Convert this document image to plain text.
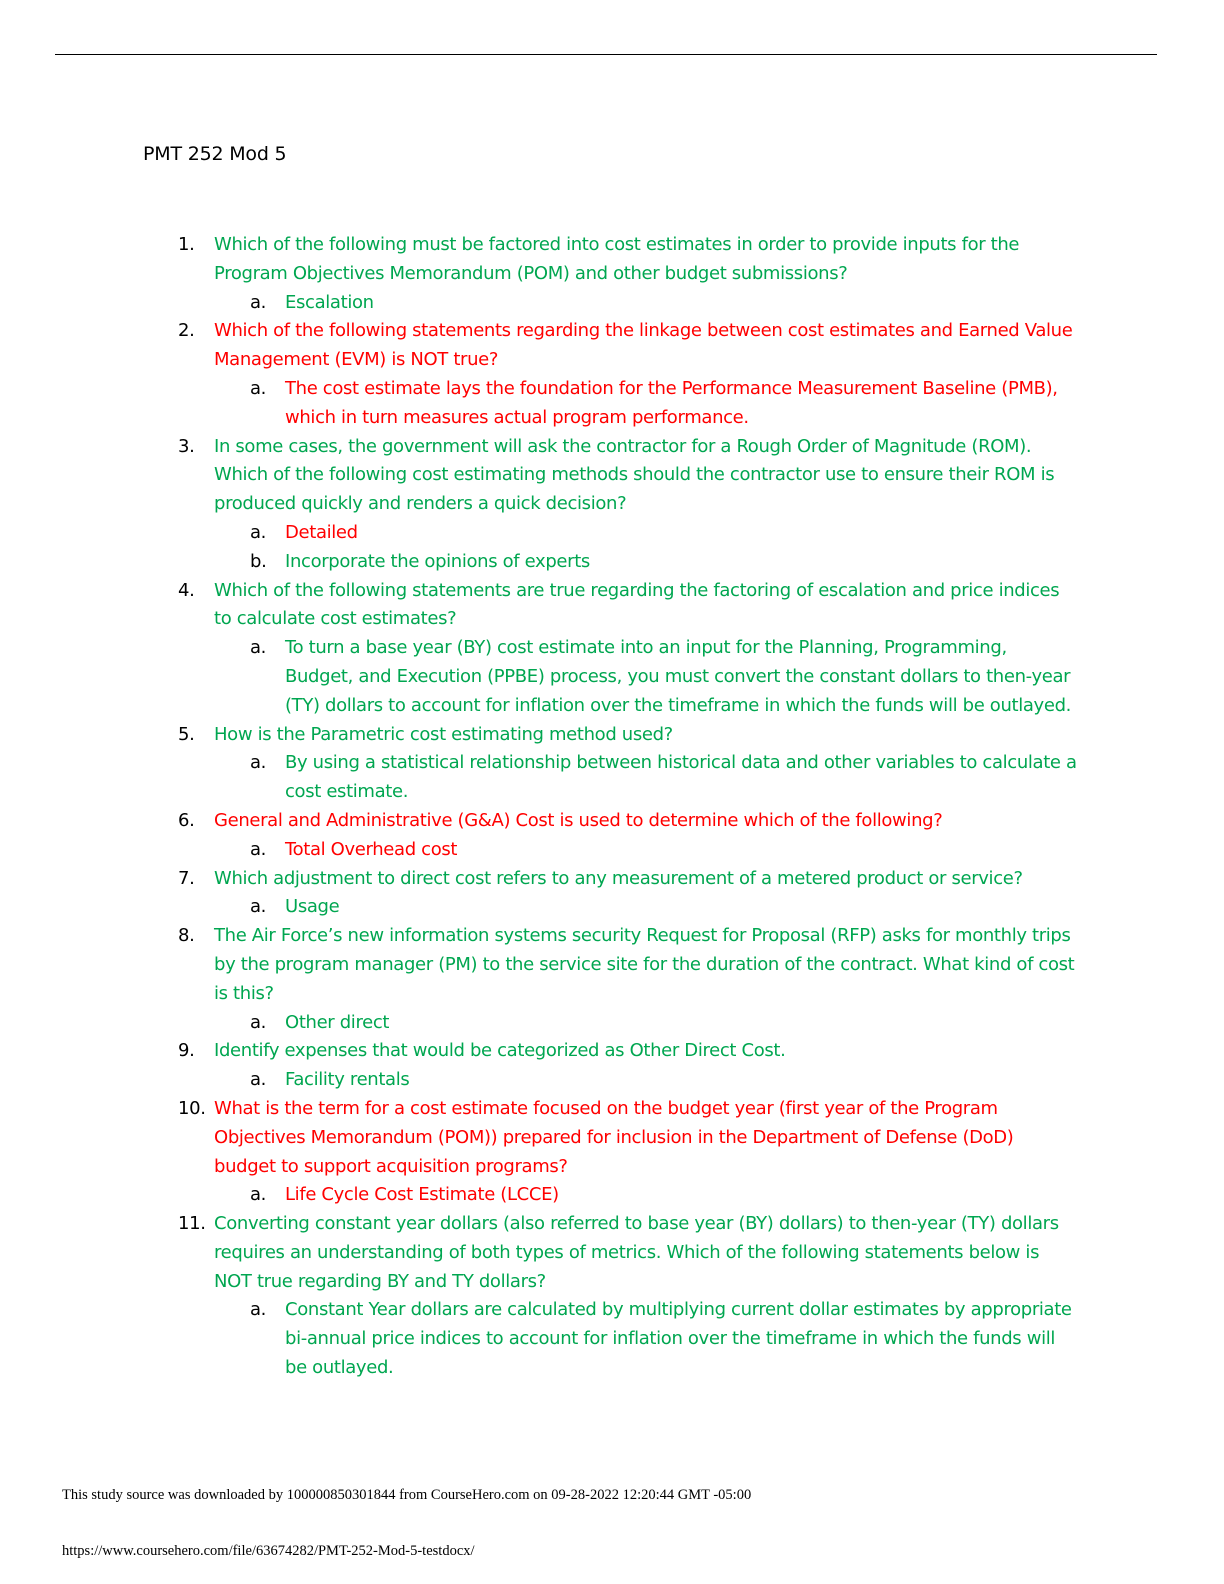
PMT 252 Mod 5
1.	Which of the following must be factored into cost estimates in order to provide inputs for the Program Objectives Memorandum (POM) and other budget submissions?
a. Escalation
2.	Which of the following statements regarding the linkage between cost estimates and Earned Value Management (EVM) is NOT true?
a. The cost estimate lays the foundation for the Performance Measurement Baseline (PMB), which in turn measures actual program performance.
3.	In some cases, the government will ask the contractor for a Rough Order of Magnitude (ROM). Which of the following cost estimating methods should the contractor use to ensure their ROM is produced quickly and renders a quick decision?
a. Detailed
b. Incorporate the opinions of experts
4.	Which of the following statements are true regarding the factoring of escalation and price indices to calculate cost estimates?
a. To turn a base year (BY) cost estimate into an input for the Planning, Programming, Budget, and Execution (PPBE) process, you must convert the constant dollars to then-year (TY) dollars to account for inflation over the timeframe in which the funds will be outlayed.
5.	How is the Parametric cost estimating method used?
a. By using a statistical relationship between historical data and other variables to calculate a cost estimate.
6.	General and Administrative (G&A) Cost is used to determine which of the following?
a. Total Overhead cost
7.	Which adjustment to direct cost refers to any measurement of a metered product or service?
a. Usage
8.	The Air Force’s new information systems security Request for Proposal (RFP) asks for monthly trips by the program manager (PM) to the service site for the duration of the contract. What kind of cost is this?
a. Other direct
9.	Identify expenses that would be categorized as Other Direct Cost.
a. Facility rentals
10. What is the term for a cost estimate focused on the budget year (first year of the Program Objectives Memorandum (POM)) prepared for inclusion in the Department of Defense (DoD) budget to support acquisition programs?
a. Life Cycle Cost Estimate (LCCE)
11. Converting constant year dollars (also referred to base year (BY) dollars) to then-year (TY) dollars requires an understanding of both types of metrics. Which of the following statements below is NOT true regarding BY and TY dollars?
a. Constant Year dollars are calculated by multiplying current dollar estimates by appropriate bi-annual price indices to account for inflation over the timeframe in which the funds will be outlayed.
This study source was downloaded by 100000850301844 from CourseHero.com on 09-28-2022 12:20:44 GMT -05:00
https://www.coursehero.com/file/63674282/PMT-252-Mod-5-testdocx/
